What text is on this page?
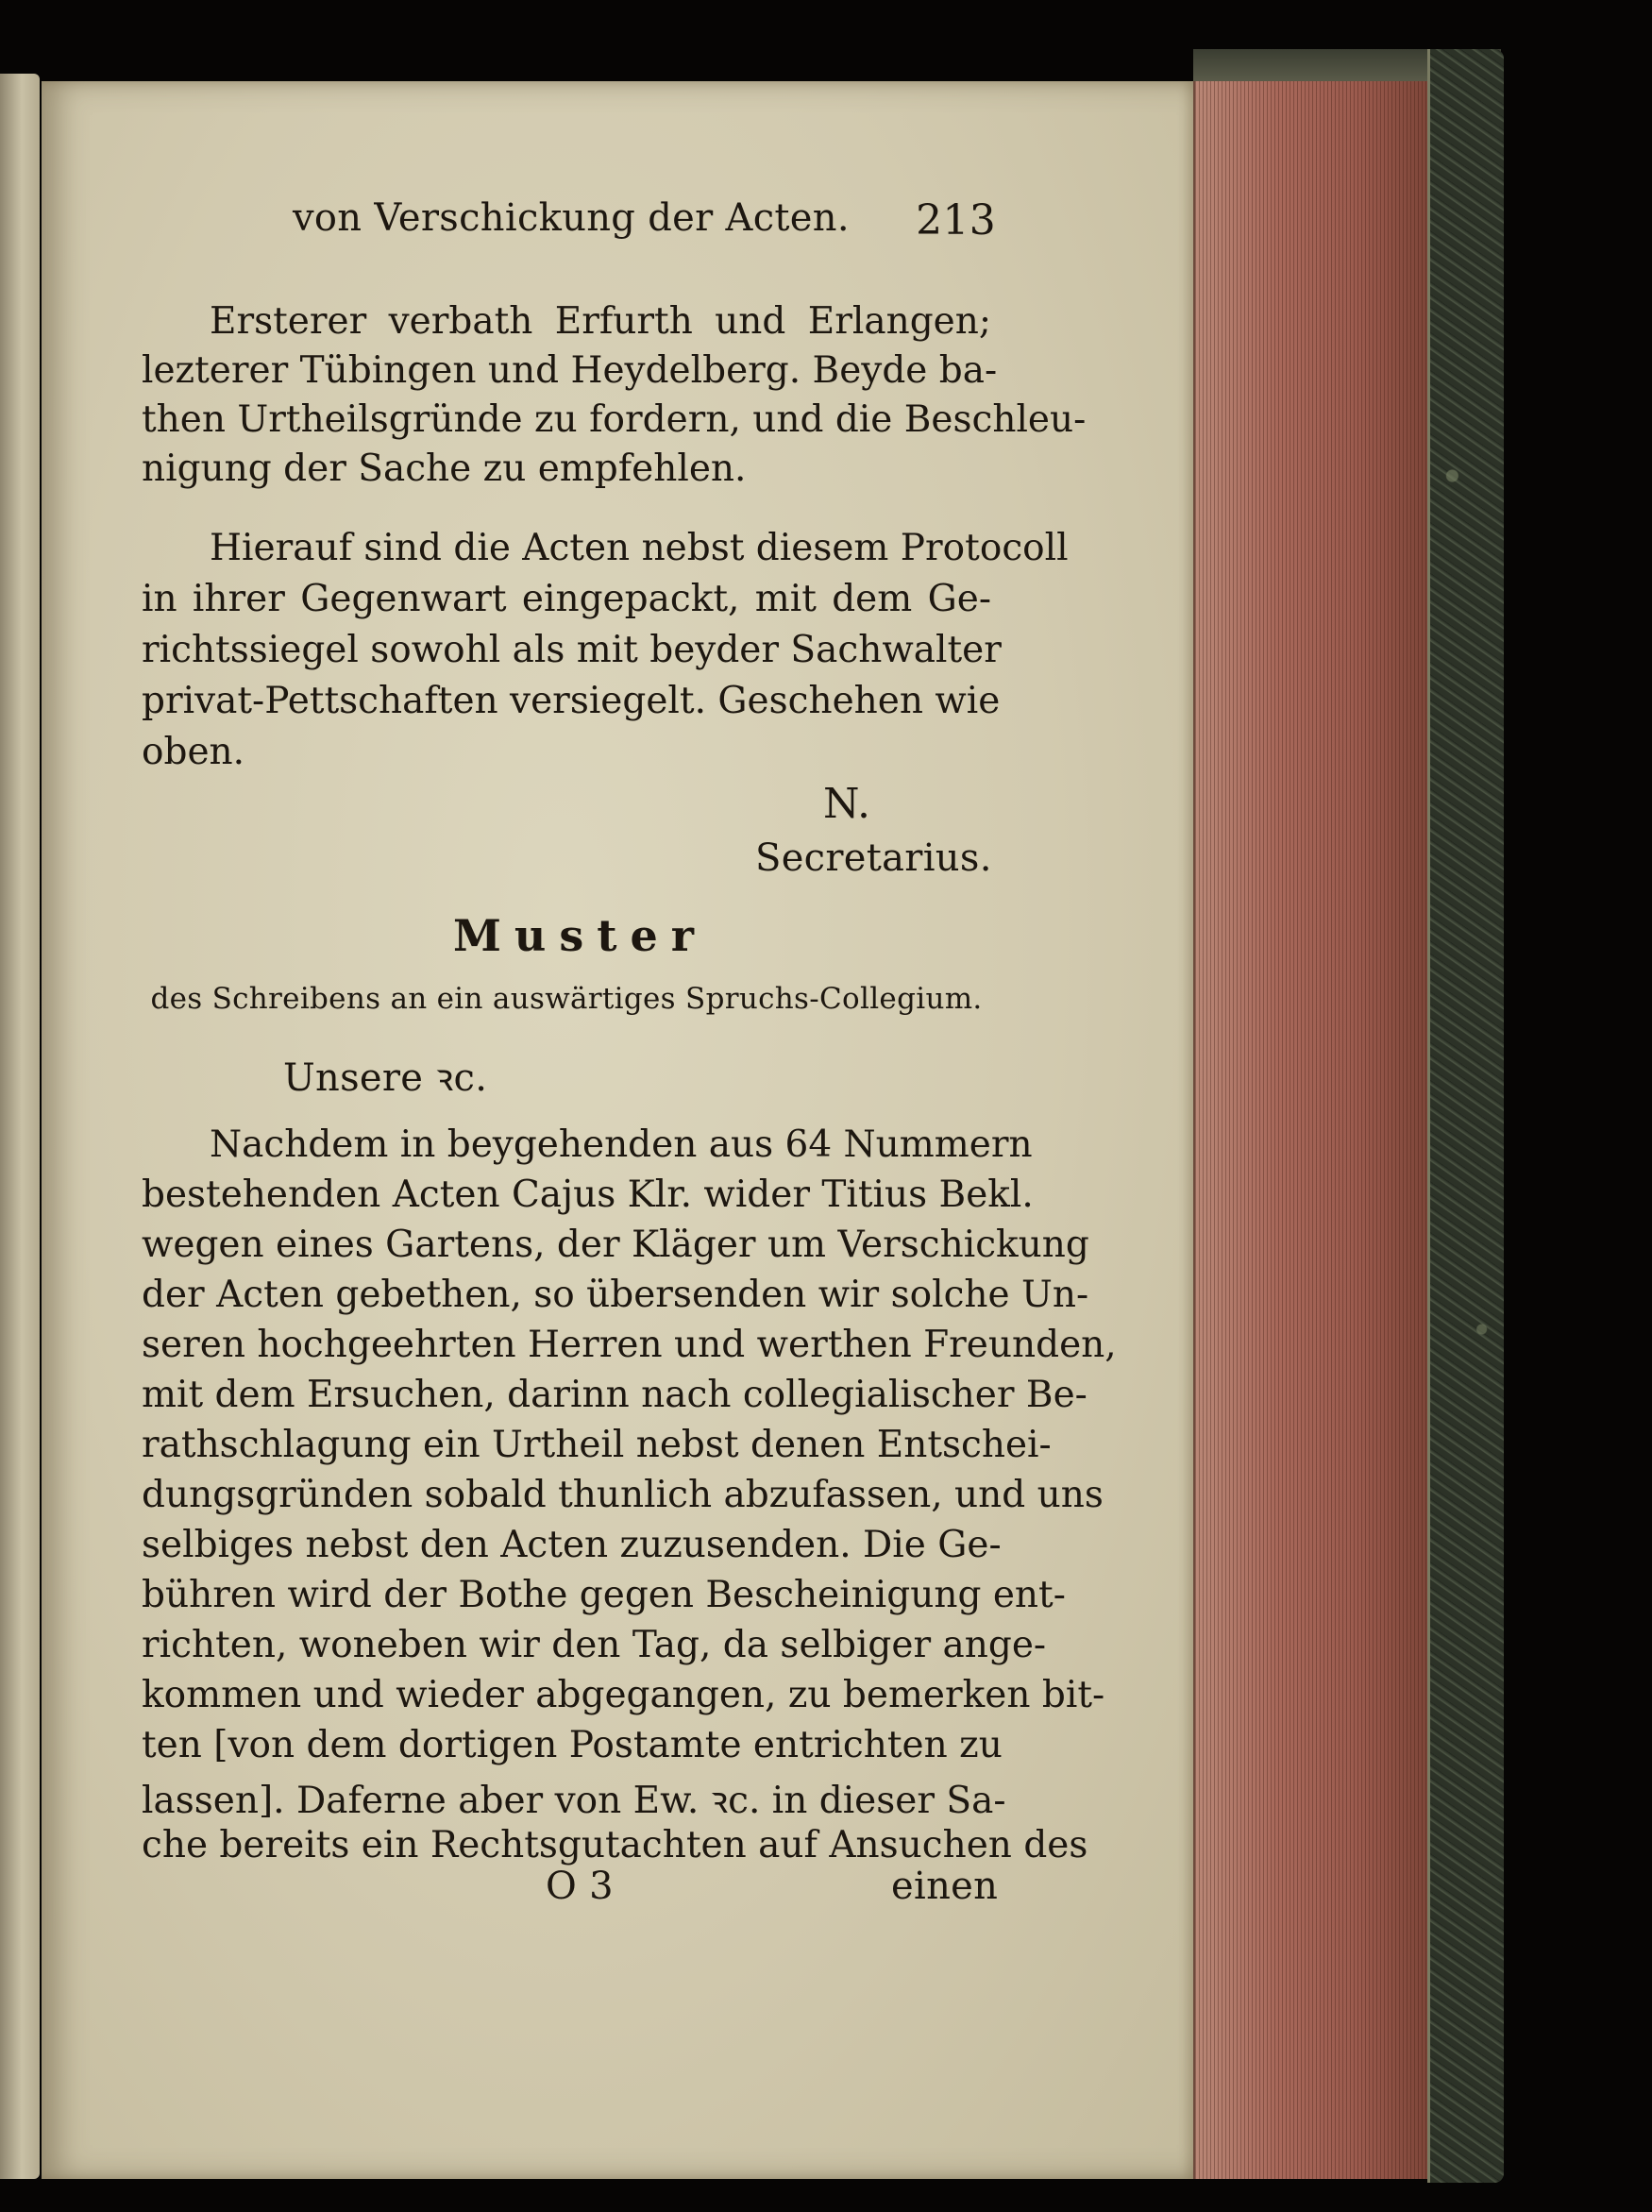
von Verschickung der Acten. 213
Ersterer verbath Erfurth und Erlangen;
lezterer Tübingen und Heydelberg. Beyde ba-
then Urtheilsgründe zu fordern, und die Beschleu-
nigung der Sache zu empfehlen.
Hierauf sind die Acten nebst diesem Protocoll
in ihrer Gegenwart eingepackt, mit dem Ge-
richtssiegel sowohl als mit beyder Sachwalter
privat-Pettschaften versiegelt. Geschehen wie
oben.
N.
Secretarius.
Muster
des Schreibens an ein auswärtiges Spruchs-Collegium.
Unsere ꝛc.
Nachdem in beygehenden aus 64 Nummern
bestehenden Acten Cajus Klr. wider Titius Bekl.
wegen eines Gartens, der Kläger um Verschickung
der Acten gebethen, so übersenden wir solche Un-
seren hochgeehrten Herren und werthen Freunden,
mit dem Ersuchen, darinn nach collegialischer Be-
rathschlagung ein Urtheil nebst denen Entschei-
dungsgründen sobald thunlich abzufassen, und uns
selbiges nebst den Acten zuzusenden. Die Ge-
bühren wird der Bothe gegen Bescheinigung ent-
richten, woneben wir den Tag, da selbiger ange-
kommen und wieder abgegangen, zu bemerken bit-
ten [von dem dortigen Postamte entrichten zu
lassen]. Daferne aber von Ew. ꝛc. in dieser Sa-
che bereits ein Rechtsgutachten auf Ansuchen des
O 3	einen
